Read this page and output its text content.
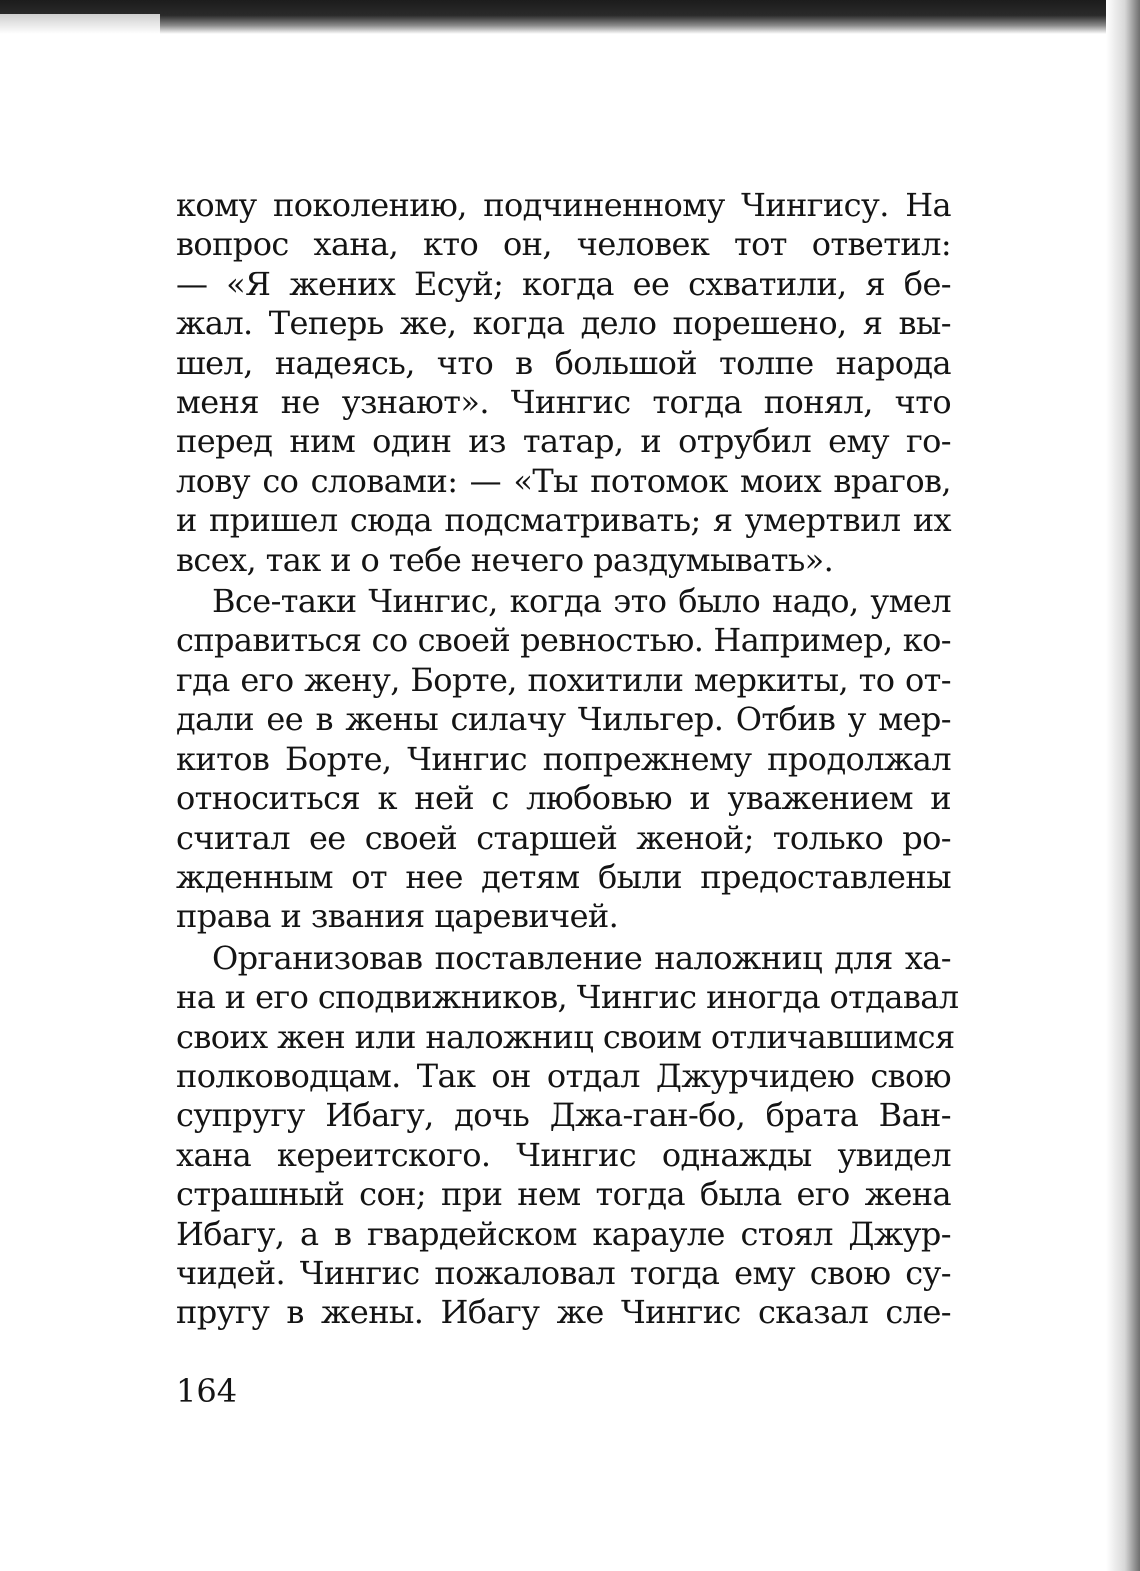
кому поколению, подчиненному Чингису. На
вопрос хана, кто он, человек тот ответил:
— «Я жених Есуй; когда ее схватили, я бе-
жал. Теперь же, когда дело порешено, я вы-
шел, надеясь, что в большой толпе народа
меня не узнают». Чингис тогда понял, что
перед ним один из татар, и отрубил ему го-
лову со словами: — «Ты потомок моих врагов,
и пришел сюда подсматривать; я умертвил их
всех, так и о тебе нечего раздумывать».
Все-таки Чингис, когда это было надо, умел
справиться со своей ревностью. Например, ко-
гда его жену, Борте, похитили меркиты, то от-
дали ее в жены силачу Чильгер. Отбив у мер-
китов Борте, Чингис попрежнему продолжал
относиться к ней с любовью и уважением и
считал ее своей старшей женой; только ро-
жденным от нее детям были предоставлены
права и звания царевичей.
Организовав поставление наложниц для ха-
на и его сподвижников, Чингис иногда отдавал
своих жен или наложниц своим отличавшимся
полководцам. Так он отдал Джурчидею свою
супругу Ибагу, дочь Джа-ган-бо, брата Ван-
хана кереитского. Чингис однажды увидел
страшный сон; при нем тогда была его жена
Ибагу, а в гвардейском карауле стоял Джур-
чидей. Чингис пожаловал тогда ему свою су-
пругу в жены. Ибагу же Чингис сказал сле-
164
